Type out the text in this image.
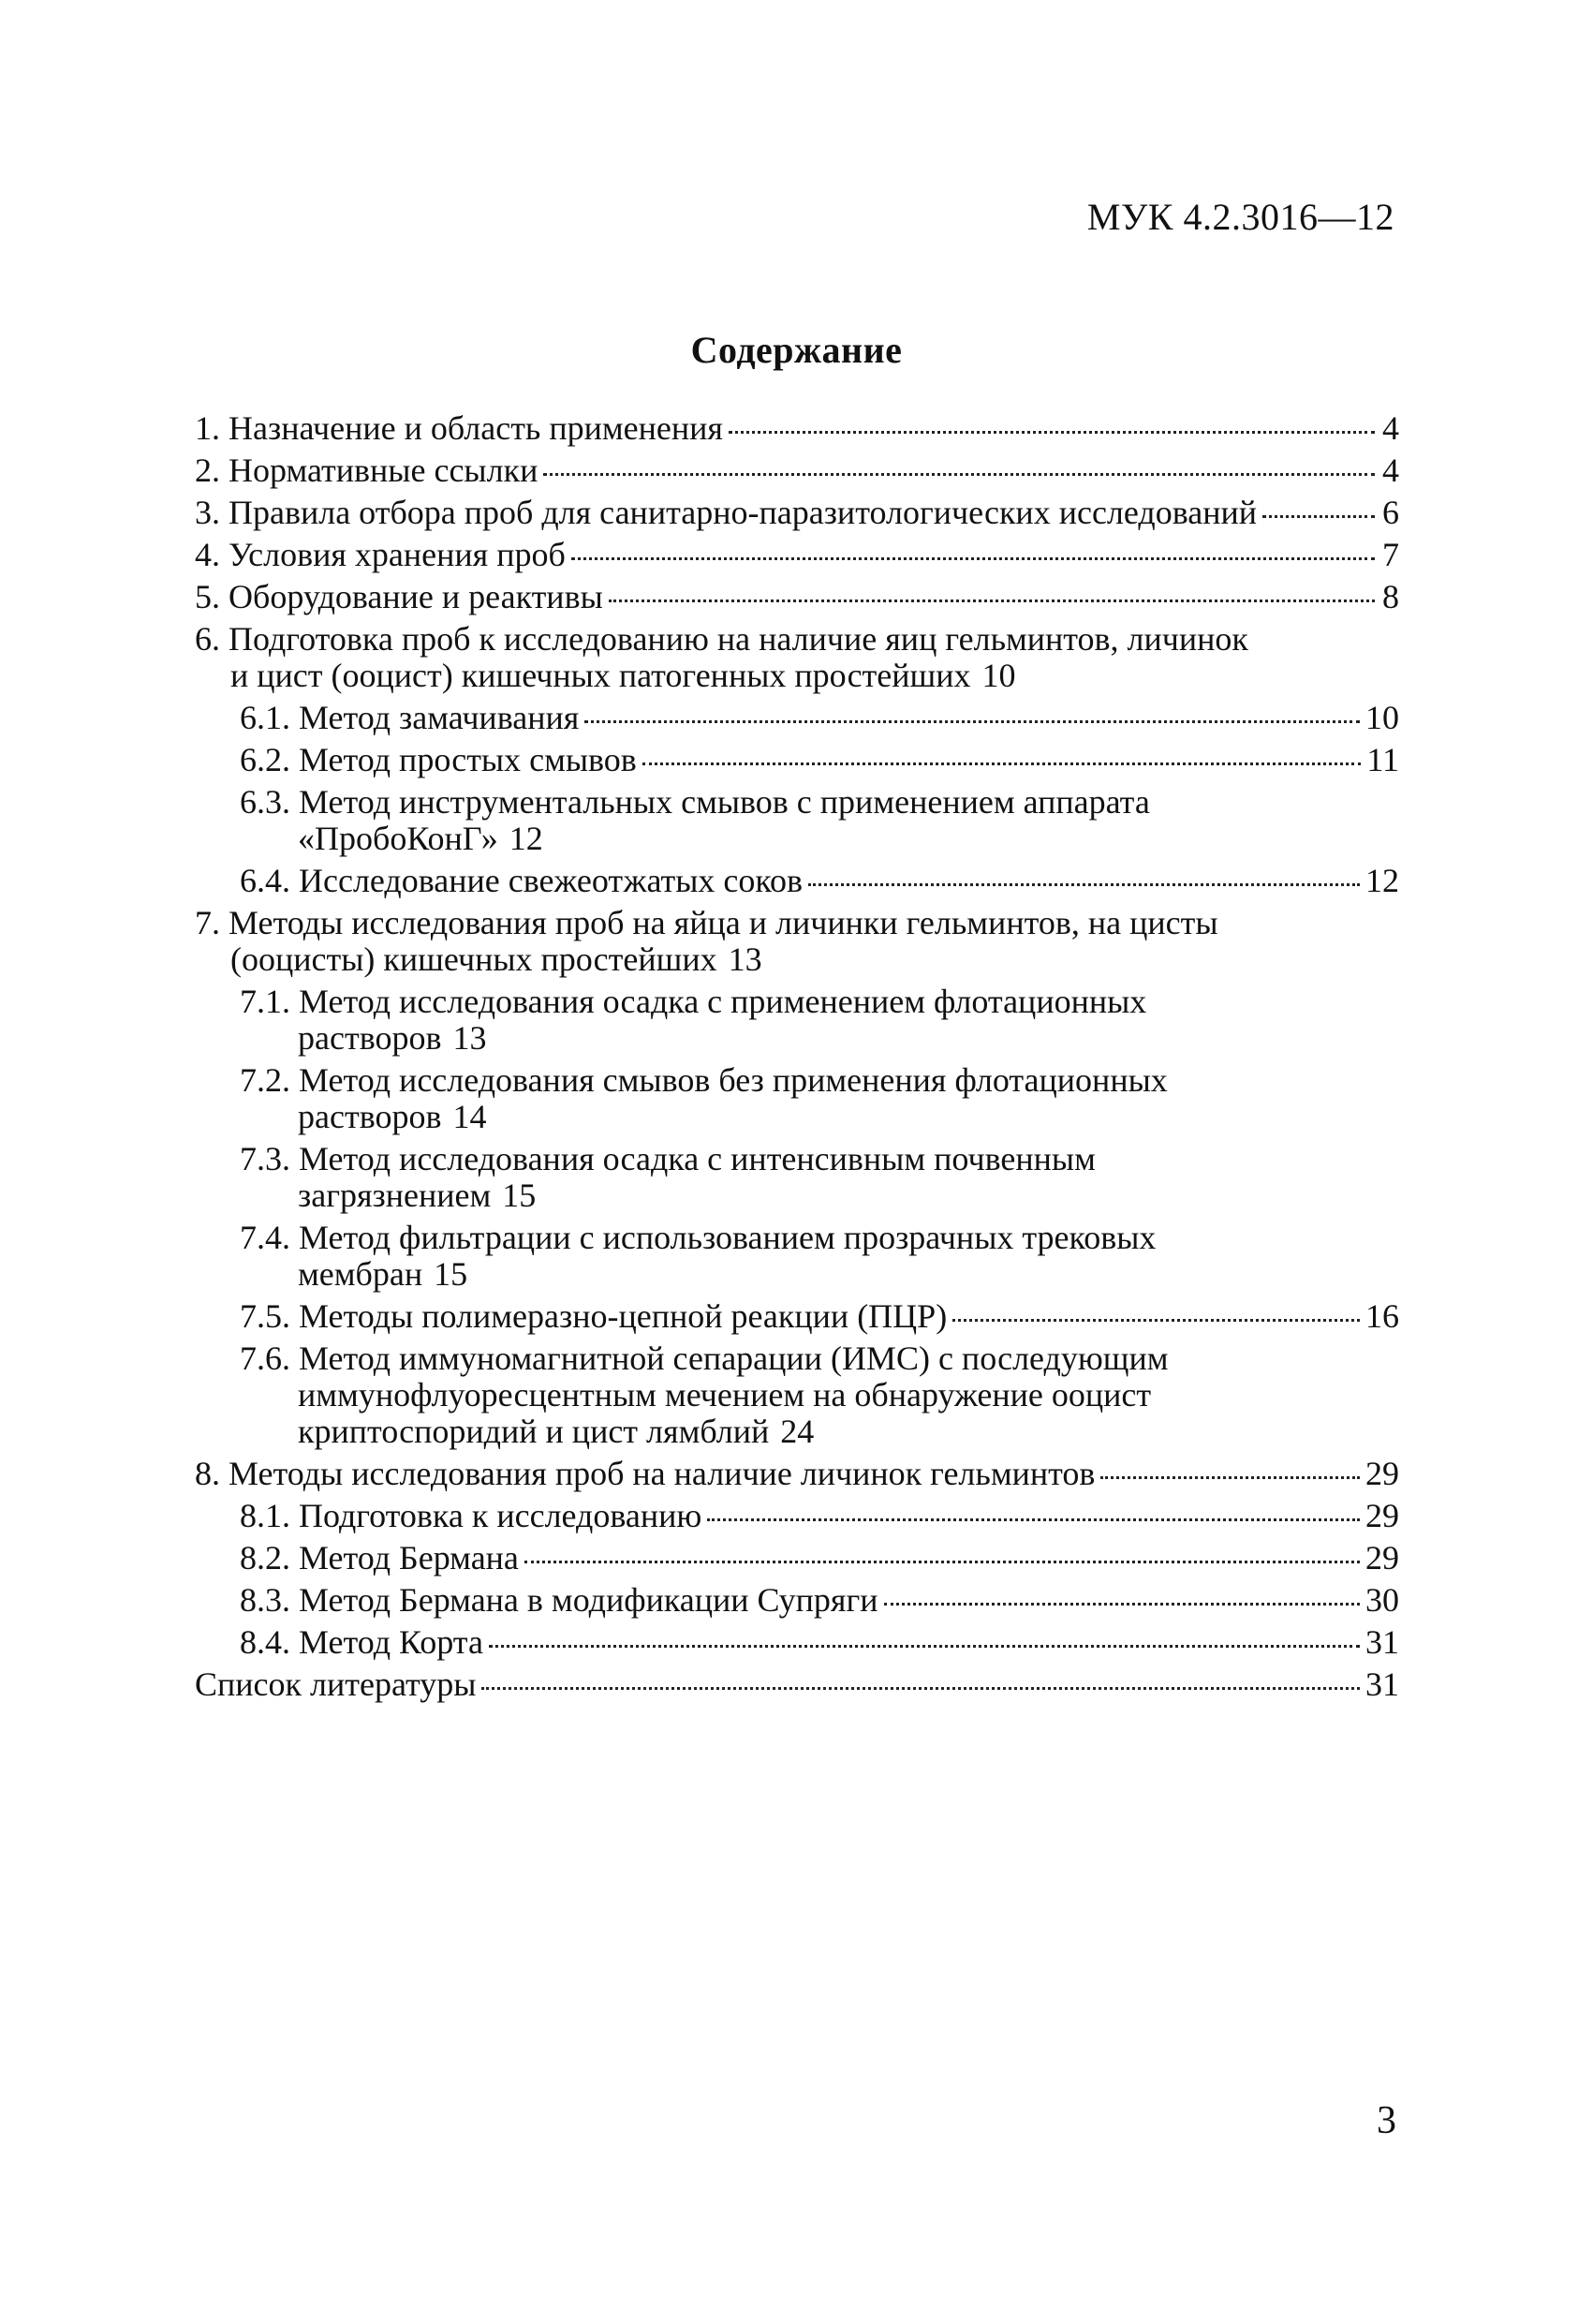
МУК 4.2.3016—12
Содержание
1. Назначение и область применения	4
2. Нормативные ссылки	4
3. Правила отбора проб для санитарно-паразитологических исследований	6
4. Условия хранения проб	7
5. Оборудование и реактивы	8
6. Подготовка проб к исследованию на наличие яиц гельминтов, личинок
и цист (ооцист) кишечных патогенных простейших 10
6.1. Метод замачивания	10
6.2. Метод простых смывов	11
6.3. Метод инструментальных смывов с применением аппарата
«ПробоКонГ» 12
6.4. Исследование свежеотжатых соков	12
7. Методы исследования проб на яйца и личинки гельминтов, на цисты
(ооцисты) кишечных простейших 13
7.1. Метод исследования осадка с применением флотационных
растворов 13
7.2. Метод исследования смывов без применения флотационных
растворов 14
7.3. Метод исследования осадка с интенсивным почвенным
загрязнением 15
7.4. Метод фильтрации с использованием прозрачных трековых
мембран 15
7.5. Методы полимеразно-цепной реакции (ПЦР)	16
7.6. Метод иммуномагнитной сепарации (ИМС) с последующим
иммунофлуоресцентным мечением на обнаружение ооцист
криптоспоридий и цист лямблий 24
8. Методы исследования проб на наличие личинок гельминтов	29
8.1. Подготовка к исследованию	29
8.2. Метод Бермана	29
8.3. Метод Бермана в модификации Супряги	30
8.4. Метод Корта	31
Список литературы	31
3
